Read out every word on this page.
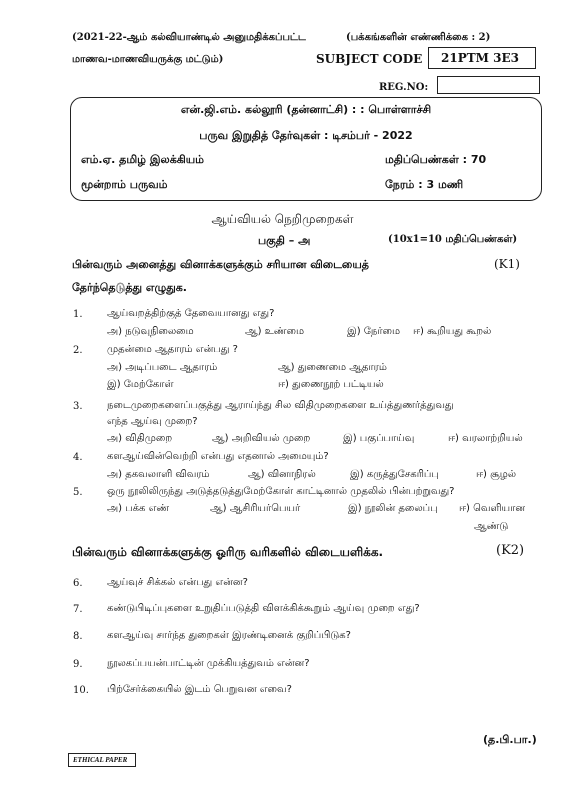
(2021-22-ஆம் கல்வியாண்டில் அனுமதிக்கப்பட்ட	(பக்கங்களின் எண்ணிக்கை : 2)
மாணவ-மாணவியருக்கு மட்டும்)	SUBJECT CODE 21PTM 3E3
REG.NO:
என்.ஜி.எம். கல்லூரி (தன்னாட்சி) : : பொள்ளாச்சி
பருவ இறுதித் தேர்வுகள் : டிசம்பர் - 2022
எம்.ஏ. தமிழ் இலக்கியம்	மதிப்பெண்கள் : 70
மூன்றாம் பருவம்	நேரம் : 3 மணி
ஆய்வியல் நெறிமுறைகள்
பகுதி – அ	(10x1=10 மதிப்பெண்கள்)
பின்வரும் அனைத்து வினாக்களுக்கும் சரியான விடையைத்	(K1)
தேர்ந்தெடுத்து எழுதுக.
1. ஆய்வறத்திற்குத் தேவையானது எது?
அ) நடுவுநிலைமை	ஆ) உண்மை	இ) நேர்மை ஈ) கூறியது கூறல்
2. முதன்மை ஆதாரம் என்பது ?
அ) அடிப்படை ஆதாரம்	ஆ) துணைமை ஆதாரம்
இ) மேற்கோள்	ஈ) துணைநூற் பட்டியல்
3. நடைமுறைகளைப்பகுத்து ஆராய்ந்து சில விதிமுறைகளை உய்த்துணர்த்துவது
எந்த ஆய்வு முறை?
அ) விதிமுறை	ஆ) அறிவியல் முறை	இ) பகுப்பாய்வு	ஈ) வரலாற்றியல்
4. களஆய்வின்வெற்றி என்பது எதனால் அமையும்?
அ) தகவலாளி விவரம்	ஆ) வினாநிரல்	இ) கருத்துசேகரிப்பு	ஈ) சூழல்
5. ஒரு நூலிலிருந்து அடுத்தடுத்துமேற்கோள் காட்டினால் முதலில் பின்பற்றுவது?
அ) பக்க எண்	ஆ) ஆசிரியர்பெயர்	இ) நூலின் தலைப்பு ஈ) வெளியான
ஆண்டு
பின்வரும் வினாக்களுக்கு ஓரிரு வரிகளில் விடையளிக்க.	(K2)
6. ஆய்வுச் சிக்கல் என்பது என்ன?
7. கண்டுபிடிப்புகளை உறுதிப்படுத்தி விளக்கிக்கூறும் ஆய்வு முறை எது?
8. களஆய்வு சார்ந்த துறைகள் இரண்டினைக் குறிப்பிடுக?
9. நூலகப்பயன்பாட்டின் முக்கியத்துவம் என்ன?
10. பிற்சேர்க்கையில் இடம் பெறுவன எவை?
ETHICAL PAPER
(த.பி.பா.)
